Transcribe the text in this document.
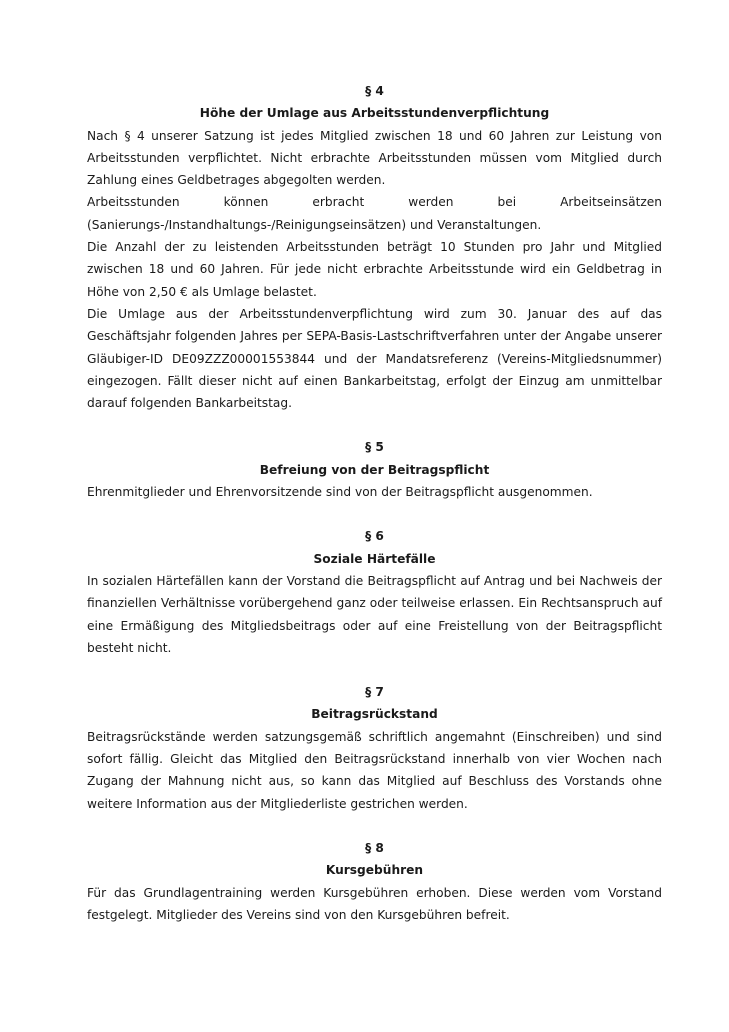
§ 4

Höhe der Umlage aus Arbeitsstundenverpflichtung

Nach § 4 unserer Satzung ist jedes Mitglied zwischen 18 und 60 Jahren zur Leistung von Arbeitsstunden verpflichtet. Nicht erbrachte Arbeitsstunden müssen vom Mitglied durch Zahlung eines Geldbetrages abgegolten werden.

Arbeitsstunden können erbracht werden bei Arbeitseinsätzen (Sanierungs-/Instandhaltungs-/Reinigungseinsätzen) und Veranstaltungen.

Die Anzahl der zu leistenden Arbeitsstunden beträgt 10 Stunden pro Jahr und Mitglied zwischen 18 und 60 Jahren. Für jede nicht erbrachte Arbeitsstunde wird ein Geldbetrag in Höhe von 2,50 € als Umlage belastet.

Die Umlage aus der Arbeitsstundenverpflichtung wird zum 30. Januar des auf das Geschäftsjahr folgenden Jahres per SEPA-Basis-Lastschriftverfahren unter der Angabe unserer Gläubiger-ID DE09ZZZ00001553844 und der Mandatsreferenz (Vereins-Mitgliedsnummer) eingezogen. Fällt dieser nicht auf einen Bankarbeitstag, erfolgt der Einzug am unmittelbar darauf folgenden Bankarbeitstag.

§ 5

Befreiung von der Beitragspflicht

Ehrenmitglieder und Ehrenvorsitzende sind von der Beitragspflicht ausgenommen.

§ 6

Soziale Härtefälle

In sozialen Härtefällen kann der Vorstand die Beitragspflicht auf Antrag und bei Nachweis der finanziellen Verhältnisse vorübergehend ganz oder teilweise erlassen. Ein Rechtsanspruch auf eine Ermäßigung des Mitgliedsbeitrags oder auf eine Freistellung von der Beitragspflicht besteht nicht.

§ 7

Beitragsrückstand

Beitragsrückstände werden satzungsgemäß schriftlich angemahnt (Einschreiben) und sind sofort fällig. Gleicht das Mitglied den Beitragsrückstand innerhalb von vier Wochen nach Zugang der Mahnung nicht aus, so kann das Mitglied auf Beschluss des Vorstands ohne weitere Information aus der Mitgliederliste gestrichen werden.

§ 8

Kursgebühren

Für das Grundlagentraining werden Kursgebühren erhoben. Diese werden vom Vorstand festgelegt. Mitglieder des Vereins sind von den Kursgebühren befreit.
